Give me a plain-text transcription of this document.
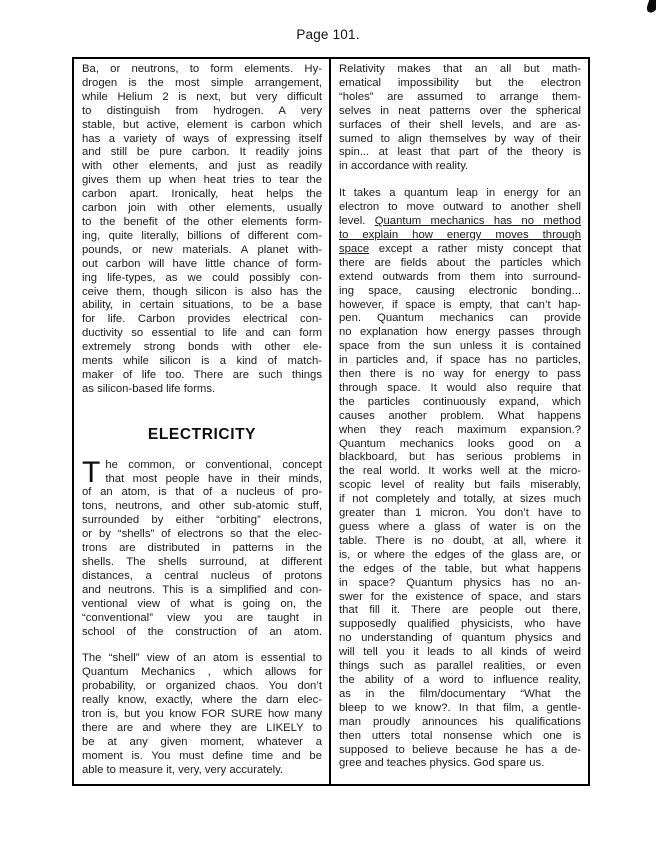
Page 101.
Ba, or neutrons, to form elements. Hy-
drogen is the most simple arrangement,
while Helium 2 is next, but very difficult
to distinguish from hydrogen. A very
stable, but active, element is carbon which
has a variety of ways of expressing itself
and still be pure carbon. It readily joins
with other elements, and just as readily
gives them up when heat tries to tear the
carbon apart. Ironically, heat helps the
carbon join with other elements, usually
to the benefit of the other elements form-
ing, quite literally, billions of different com-
pounds, or new materials. A planet with-
out carbon will have little chance of form-
ing life-types, as we could possibly con-
ceive them, though silicon is also has the
ability, in certain situations, to be a base
for life. Carbon provides electrical con-
ductivity so essential to life and can form
extremely strong bonds with other ele-
ments while silicon is a kind of match-
maker of life too. There are such things
as silicon-based life forms.
ELECTRICITY
T he common, or conventional, concept
that most people have in their minds,
of an atom, is that of a nucleus of pro-
tons, neutrons, and other sub-atomic stuff,
surrounded by either “orbiting” electrons,
or by “shells” of electrons so that the elec-
trons are distributed in patterns in the
shells. The shells surround, at different
distances, a central nucleus of protons
and neutrons. This is a simplified and con-
ventional view of what is going on, the
“conventional” view you are taught in
school of the construction of an atom.
The “shell” view of an atom is essential to
Quantum Mechanics , which allows for
probability, or organized chaos. You don’t
really know, exactly, where the darn elec-
tron is, but you know FOR SURE how many
there are and where they are LIKELY to
be at any given moment, whatever a
moment is. You must define time and be
able to measure it, very, very accurately.
Relativity makes that an all but math-
ematical impossibility but the electron
“holes” are assumed to arrange them-
selves in neat patterns over the spherical
surfaces of their shell levels, and are as-
sumed to align themselves by way of their
spin... at least that part of the theory is
in accordance with reality.
It takes a quantum leap in energy for an
electron to move outward to another shell
level. Quantum mechanics has no method
to explain how energy moves through
space except a rather misty concept that
there are fields about the particles which
extend outwards from them into surround-
ing space, causing electronic bonding...
however, if space is empty, that can’t hap-
pen. Quantum mechanics can provide
no explanation how energy passes through
space from the sun unless it is contained
in particles and, if space has no particles,
then there is no way for energy to pass
through space. It would also require that
the particles continuously expand, which
causes another problem. What happens
when they reach maximum expansion.?
Quantum mechanics looks good on a
blackboard, but has serious problems in
the real world. It works well at the micro-
scopic level of reality but fails miserably,
if not completely and totally, at sizes much
greater than 1 micron. You don’t have to
guess where a glass of water is on the
table. There is no doubt, at all, where it
is, or where the edges of the glass are, or
the edges of the table, but what happens
in space? Quantum physics has no an-
swer for the existence of space, and stars
that fill it. There are people out there,
supposedly qualified physicists, who have
no understanding of quantum physics and
will tell you it leads to all kinds of weird
things such as parallel realities, or even
the ability of a word to influence reality,
as in the film/documentary “What the
bleep to we know?. In that film, a gentle-
man proudly announces his qualifications
then utters total nonsense which one is
supposed to believe because he has a de-
gree and teaches physics. God spare us.
